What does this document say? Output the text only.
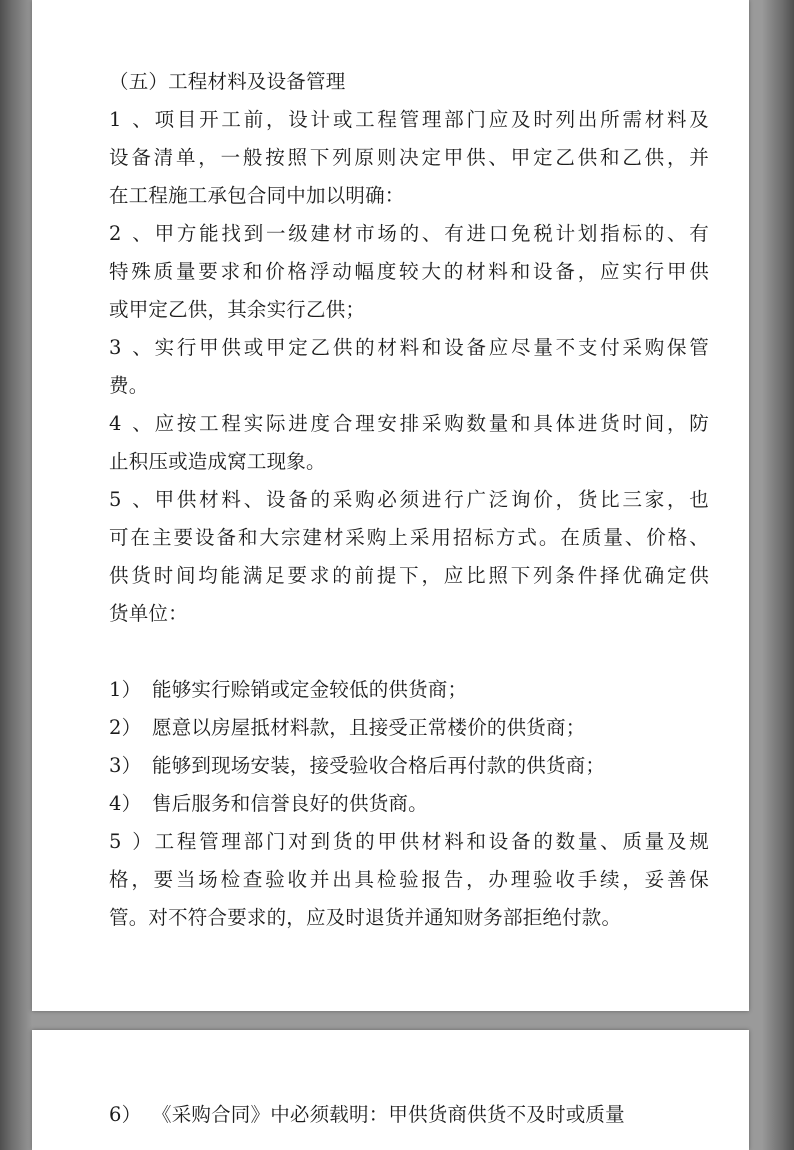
（五）工程材料及设备管理
1、项目开工前，设计或工程管理部门应及时列出所需材料及
设备清单，一般按照下列原则决定甲供、甲定乙供和乙供，并
在工程施工承包合同中加以明确：
2、甲方能找到一级建材市场的、有进口免税计划指标的、有
特殊质量要求和价格浮动幅度较大的材料和设备，应实行甲供
或甲定乙供，其余实行乙供；
3、实行甲供或甲定乙供的材料和设备应尽量不支付采购保管
费。
4、应按工程实际进度合理安排采购数量和具体进货时间，防
止积压或造成窝工现象。
5、甲供材料、设备的采购必须进行广泛询价，货比三家，也
可在主要设备和大宗建材采购上采用招标方式。在质量、价格、
供货时间均能满足要求的前提下，应比照下列条件择优确定供
货单位：
1） 能够实行赊销或定金较低的供货商；
2） 愿意以房屋抵材料款，且接受正常楼价的供货商；
3） 能够到现场安装，接受验收合格后再付款的供货商；
4） 售后服务和信誉良好的供货商。
5）工程管理部门对到货的甲供材料和设备的数量、质量及规
格，要当场检查验收并出具检验报告，办理验收手续，妥善保
管。对不符合要求的，应及时退货并通知财务部拒绝付款。
6） 《采购合同》中必须载明：甲供货商供货不及时或质量
